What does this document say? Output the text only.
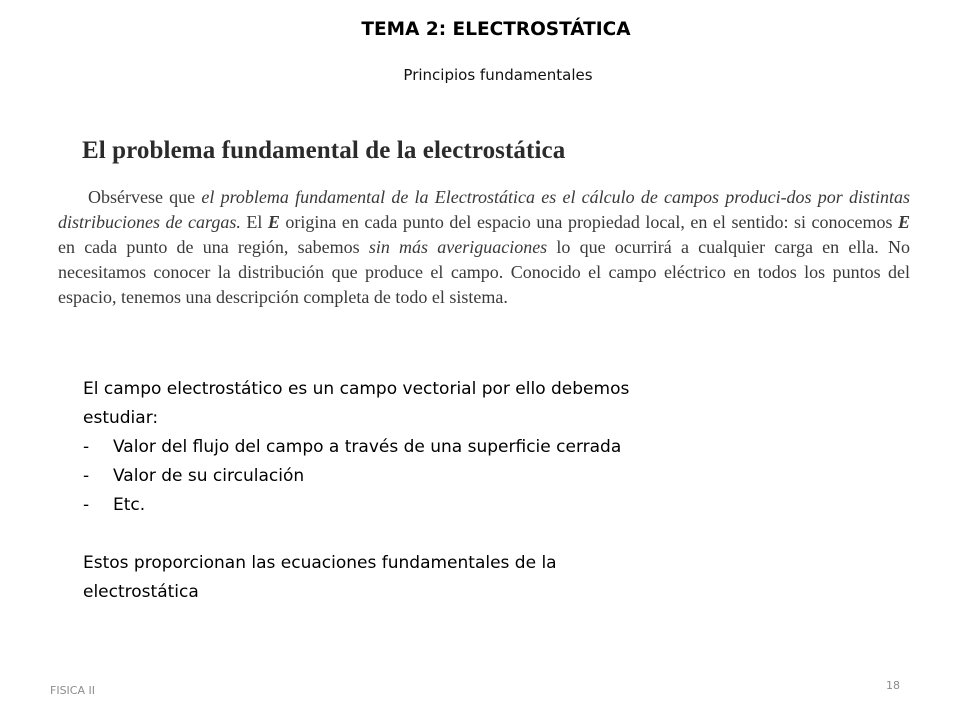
TEMA 2: ELECTROSTÁTICA
Principios fundamentales
El problema fundamental de la electrostática

Obsérvese que el problema fundamental de la Electrostática es el cálculo de campos produci-dos por distintas distribuciones de cargas. El E origina en cada punto del espacio una propiedad local, en el sentido: si conocemos E en cada punto de una región, sabemos sin más averiguaciones lo que ocurrirá a cualquier carga en ella. No necesitamos conocer la distribución que produce el campo. Conocido el campo eléctrico en todos los puntos del espacio, tenemos una descripción completa de todo el sistema.

El campo electrostático es un campo vectorial por ello debemos estudiar:

- Valor del flujo del campo a través de una superficie cerrada
- Valor de su circulación
- Etc.

Estos proporcionan las ecuaciones fundamentales de la electrostática

FISICA II	18
